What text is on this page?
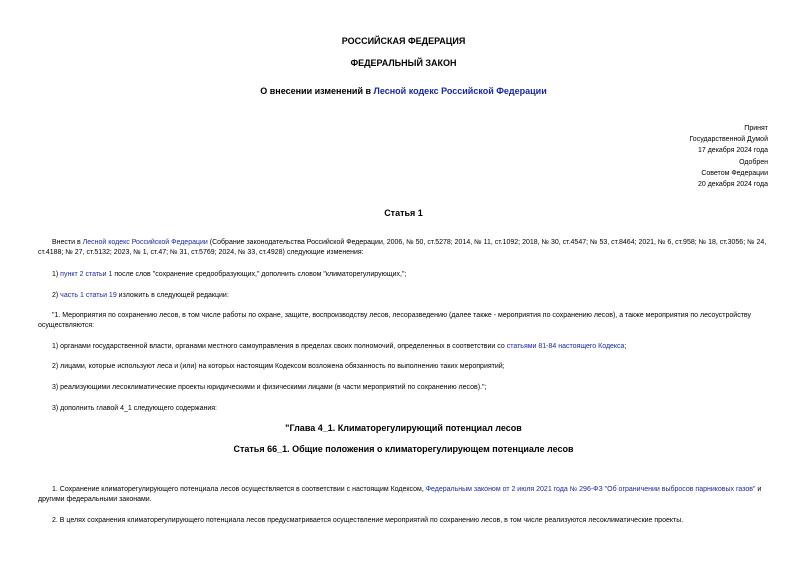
РОССИЙСКАЯ ФЕДЕРАЦИЯ
ФЕДЕРАЛЬНЫЙ ЗАКОН
О внесении изменений в Лесной кодекс Российской Федерации
Принят
Государственной Думой
17 декабря 2024 года
Одобрен
Советом Федерации
20 декабря 2024 года
Статья 1
Внести в Лесной кодекс Российской Федерации (Собрание законодательства Российской Федерации, 2006, № 50, ст.5278; 2014, № 11, ст.1092; 2018, № 30, ст.4547; № 53, ст.8464; 2021, № 6, ст.958; № 18, ст.3056; № 24, ст.4188; № 27, ст.5132; 2023, № 1, ст.47; № 31, ст.5769; 2024, № 33, ст.4928) следующие изменения:
1) пункт 2 статьи 1 после слов "сохранение средообразующих," дополнить словом "климаторегулирующих,";
2) часть 1 статьи 19 изложить в следующей редакции:
"1. Мероприятия по сохранению лесов, в том числе работы по охране, защите, воспроизводству лесов, лесоразведению (далее также - мероприятия по сохранению лесов), а также мероприятия по лесоустройству осуществляются:
1) органами государственной власти, органами местного самоуправления в пределах своих полномочий, определенных в соответствии со статьями 81-84 настоящего Кодекса;
2) лицами, которые используют леса и (или) на которых настоящим Кодексом возложена обязанность по выполнению таких мероприятий;
3) реализующими лесоклиматические проекты юридическими и физическими лицами (в части мероприятий по сохранению лесов).";
3) дополнить главой 4_1 следующего содержания:
"Глава 4_1. Климаторегулирующий потенциал лесов
Статья 66_1. Общие положения о климаторегулирующем потенциале лесов
1. Сохранение климаторегулирующего потенциала лесов осуществляется в соответствии с настоящим Кодексом, Федеральным законом от 2 июля 2021 года № 296-ФЗ "Об ограничении выбросов парниковых газов" и другими федеральными законами.
2. В целях сохранения климаторегулирующего потенциала лесов предусматривается осуществление мероприятий по сохранению лесов, в том числе реализуются лесоклиматические проекты.
